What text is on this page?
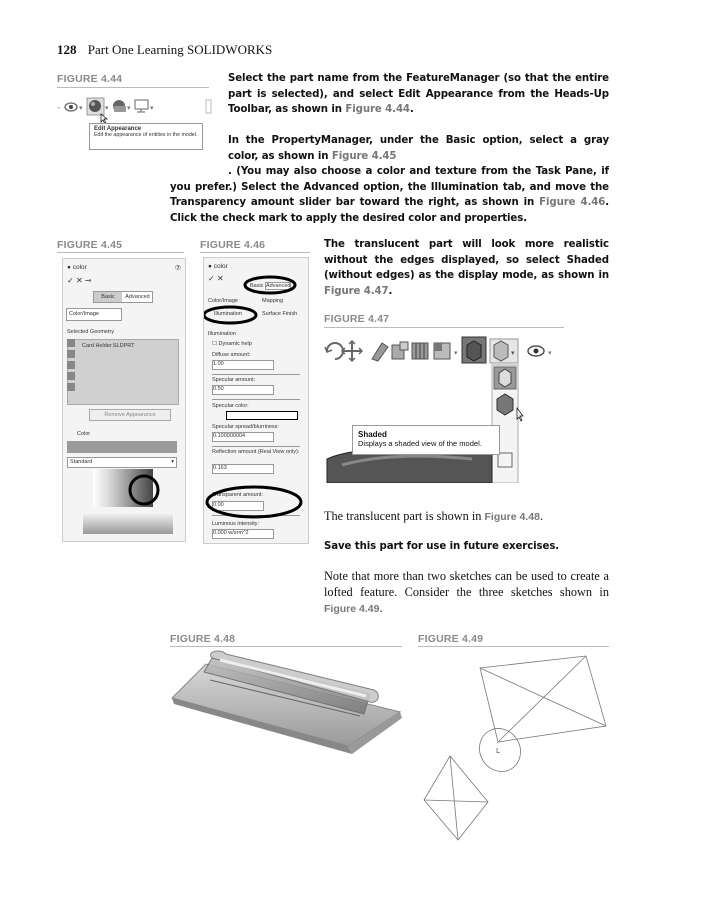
128 Part One Learning SOLIDWORKS
FIGURE 4.44
-	▾	▾	▾	▾
Edit Appearance
Edit the appearance of entities in the model.
Select the part name from the FeatureManager (so that the entire part is selected), and select Edit Appearance from the Heads-Up Toolbar, as shown in Figure 4.44.
In the PropertyManager, under the Basic option, select a gray color, as shown in Figure 4.45
. (You may also choose a color and texture from the Task Pane, if you prefer.) Select the Advanced option, the Illumination tab, and move the Transparency amount slider bar toward the right, as shown in Figure 4.46. Click the check mark to apply the desired color and properties.
FIGURE 4.45
● color	⑦
✓ ✕ ⊸
Basic	Advanced
Color/Image
Selected Geometry
Card Holder.SLDPRT
Remove Appearance
Color
Standard	▾
FIGURE 4.46
● color
✓ ✕
Basic Advanced
Color/Image	Mapping
Illumination	Surface Finish
Illumination
☐ Dynamic help
Diffuse amount:
1.00
Specular amount:
0.50
Specular color:
Specular spread/blurriness:
0.100000004
Reflection amount (Real View only):
0.163
Transparent amount:
0.00
Luminous intensity:
0.000 w/srm^2
The translucent part will look more realistic without the edges displayed, so select Shaded (without edges) as the display mode, as shown in Figure 4.47.
FIGURE 4.47
▾	▾	▾
Shaded
Displays a shaded view of the model.
The translucent part is shown in Figure 4.48.
Save this part for use in future exercises.
Note that more than two sketches can be used to create a lofted feature. Consider the three sketches shown in Figure 4.49.
FIGURE 4.48	FIGURE 4.49
L
